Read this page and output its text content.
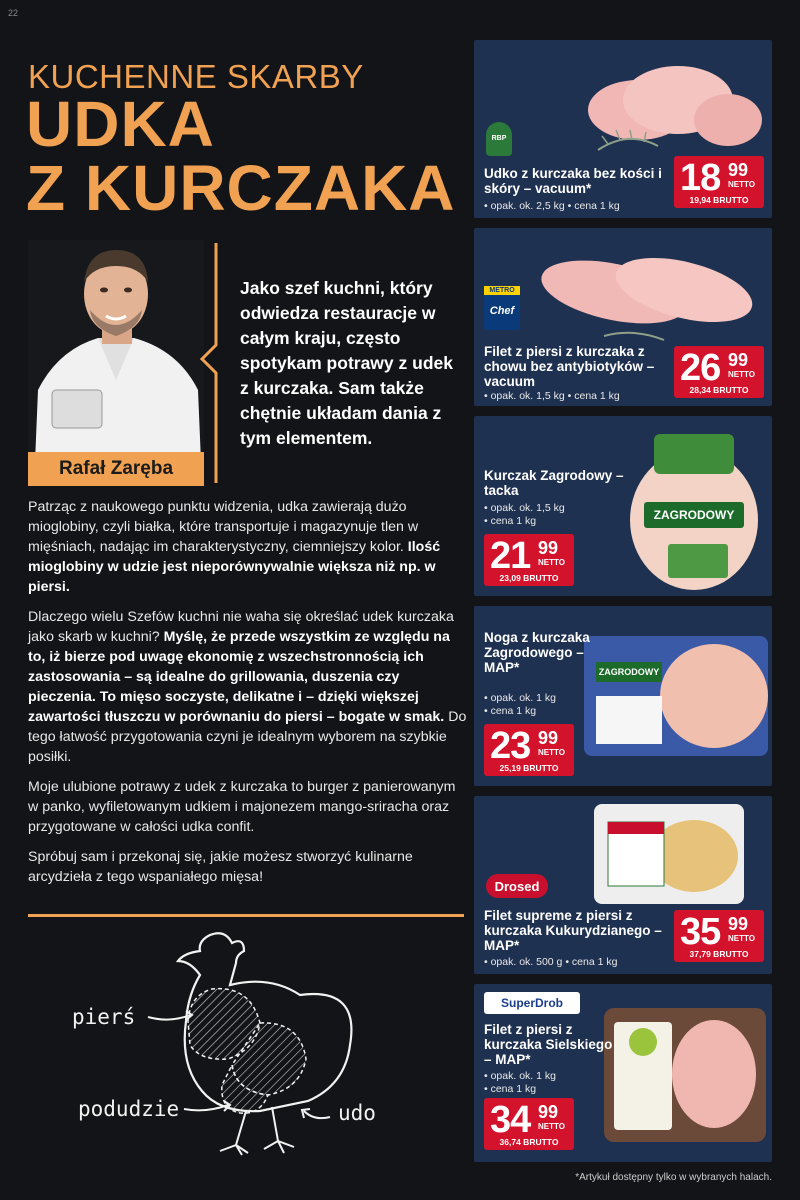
22
KUCHENNE SKARBY
UDKA
Z KURCZAKA
Rafał Zaręba
Jako szef kuchni, który odwiedza restauracje w całym kraju, często spotykam potrawy z udek z kurczaka. Sam także chętnie układam dania z tym elementem.

Patrząc z naukowego punktu widzenia, udka zawierają dużo mioglobiny, czyli białka, które transportuje i magazynuje tlen w mięśniach, nadając im charakterystyczny, ciemniejszy kolor. Ilość mioglobiny w udzie jest nieporównywalnie większa niż np. w piersi.

Dlaczego wielu Szefów kuchni nie waha się określać udek kurczaka jako skarb w kuchni? Myślę, że przede wszystkim ze względu na to, iż bierze pod uwagę ekonomię z wszechstronnością ich zastosowania – są idealne do grillowania, duszenia czy pieczenia. To mięso soczyste, delikatne i – dzięki większej zawartości tłuszczu w porównaniu do piersi – bogate w smak. Do tego łatwość przygotowania czyni je idealnym wyborem na szybkie posiłki.

Moje ulubione potrawy z udek z kurczaka to burger z panierowanym w panko, wyfiletowanym udkiem i majonezem mango-sriracha oraz przygotowane w całości udka confit.

Spróbuj sam i przekonaj się, jakie możesz stworzyć kulinarne arcydzieła z tego wspaniałego mięsa!

pierś
podudzie	udo
RBP
Udko z kurczaka bez kości i skóry – vacuum*
• opak. ok. 2,5 kg • cena 1 kg
18 99
NETTO
19,94 BRUTTO
METRO
Chef
Filet z piersi z kurczaka z chowu bez antybiotyków – vacuum
• opak. ok. 1,5 kg • cena 1 kg
26 99
NETTO
28,34 BRUTTO
ZAGRODOWY
Kurczak Zagrodowy – tacka
• opak. ok. 1,5 kg
• cena 1 kg
21 99
NETTO
23,09 BRUTTO
ZAGRODOWY
Noga z kurczaka Zagrodowego – MAP*
• opak. ok. 1 kg
• cena 1 kg
23 99
NETTO
25,19 BRUTTO
Drosed
Filet supreme z piersi z kurczaka Kukurydzianego – MAP*
• opak. ok. 500 g • cena 1 kg
35 99
NETTO
37,79 BRUTTO
SuperDrob
Filet z piersi z kurczaka Sielskiego – MAP*
• opak. ok. 1 kg
• cena 1 kg
34 99
NETTO
36,74 BRUTTO
*Artykuł dostępny tylko w wybranych halach.
